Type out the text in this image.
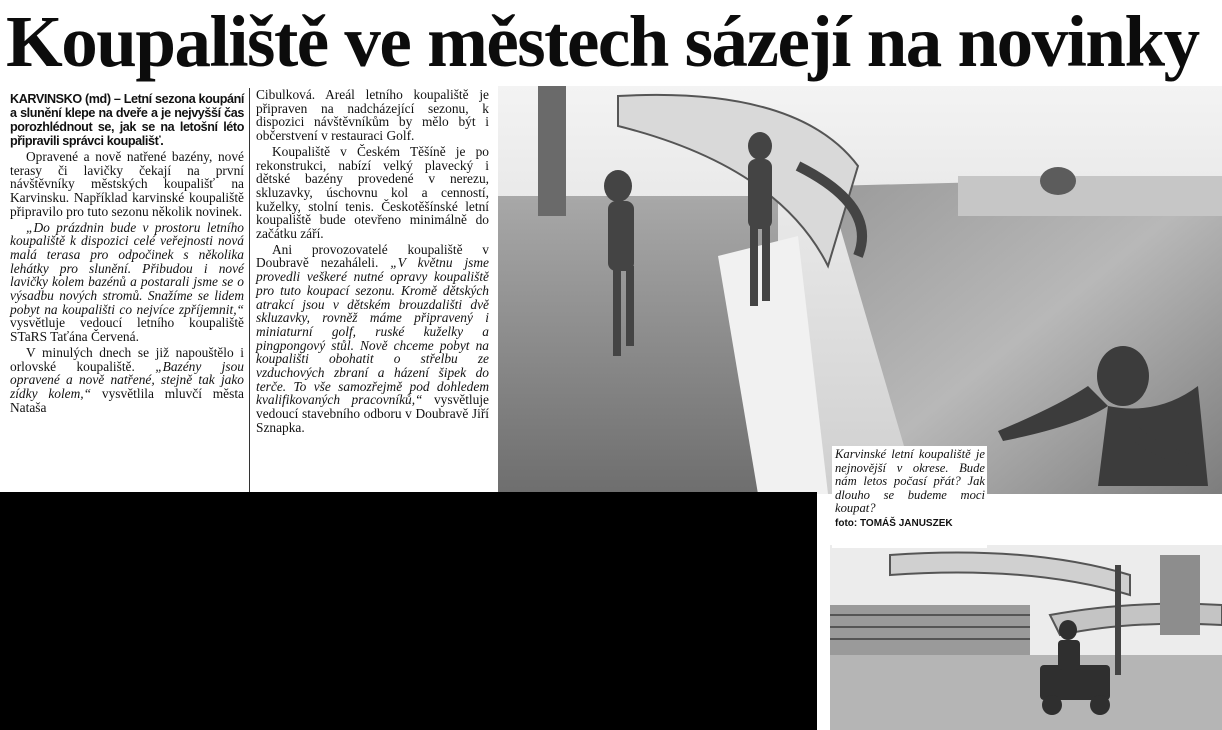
Koupaliště ve městech sázejí na novinky

KARVINSKO (md) – Letní sezona koupání a slunění klepe na dveře a je nejvyšší čas porozhlédnout se, jak se na letošní léto připravili správci koupališť.

Opravené a nově natřené bazény, nové terasy či lavičky čekají na první návštěvníky městských koupališť na Karvinsku. Například karvinské koupaliště připravilo pro tuto sezonu několik novinek.

„Do prázdnin bude v prostoru letního koupaliště k dispozici celé veřejnosti nová malá terasa pro odpočinek s několika lehátky pro slunění. Přibudou i nové lavičky kolem bazénů a postarali jsme se o výsadbu nových stromů. Snažíme se lidem pobyt na koupališti co nejvíce zpříjemnit,“ vysvětluje vedoucí letního koupaliště STaRS Taťána Červená.

V minulých dnech se již napouštělo i orlovské koupaliště. „Bazény jsou opravené a nově natřené, stejně tak jako zídky kolem,“ vysvětlila mluvčí města Nataša

Cibulková. Areál letního koupaliště je připraven na nadcházející sezonu, k dispozici návštěvníkům by mělo být i občerstvení v restauraci Golf.

Koupaliště v Českém Těšíně je po rekonstrukci, nabízí velký plavecký i dětské bazény provedené v nerezu, skluzavky, úschovnu kol a cenností, kuželky, stolní tenis. Českotěšínské letní koupaliště bude otevřeno minimálně do začátku září.

Ani provozovatelé koupaliště v Doubravě nezaháleli. „V květnu jsme provedli veškeré nutné opravy koupaliště pro tuto koupací sezonu. Kromě dětských atrakcí jsou v dětském brouzdališti dvě skluzavky, rovněž máme připravený i miniaturní golf, ruské kuželky a pingpongový stůl. Nově chceme pobyt na koupališti obohatit o střelbu ze vzduchových zbraní a házení šipek do terče. To vše samozřejmě pod dohledem kvalifikovaných pracovníků,“ vysvětluje vedoucí stavebního odboru v Doubravě Jiří Sznapka.

Karvinské letní koupaliště je nejnovější v okrese. Bude nám letos počasí přát? Jak dlouho se budeme moci koupat?
foto: TOMÁŠ JANUSZEK
